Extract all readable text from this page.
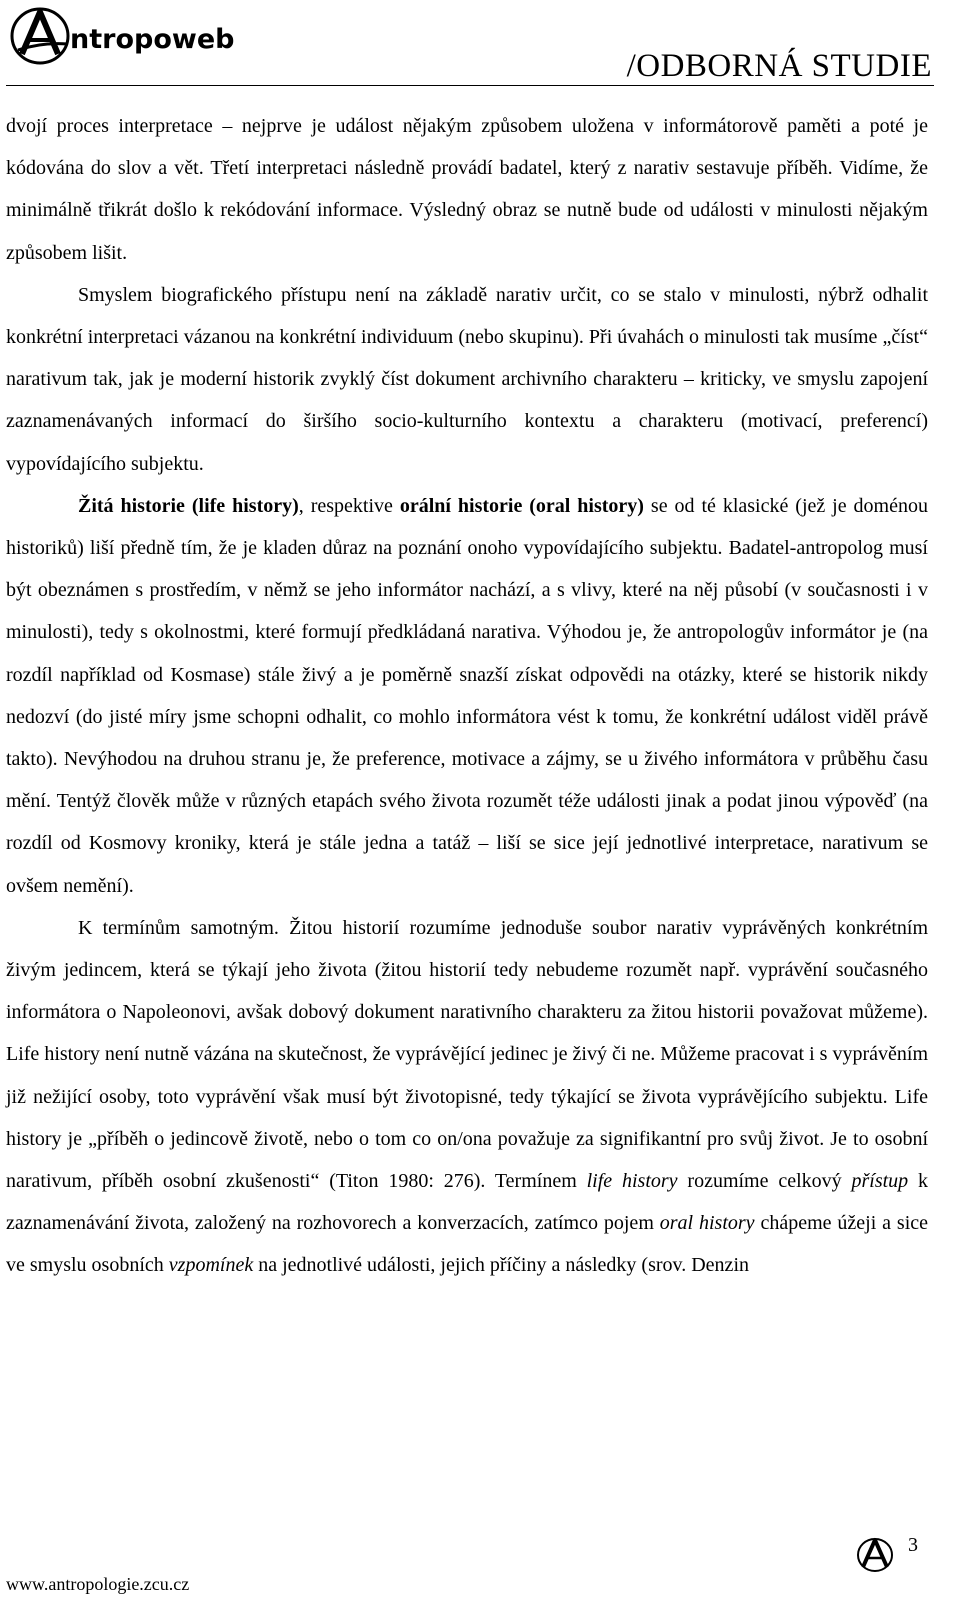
ntropoweb
/ODBORNÁ STUDIE

dvojí proces interpretace – nejprve je událost nějakým způsobem uložena v informátorově paměti a poté je kódována do slov a vět. Třetí interpretaci následně provádí badatel, který z narativ sestavuje příběh. Vidíme, že minimálně třikrát došlo k rekódování informace. Výsledný obraz se nutně bude od události v minulosti nějakým způsobem lišit.

Smyslem biografického přístupu není na základě narativ určit, co se stalo v minulosti, nýbrž odhalit konkrétní interpretaci vázanou na konkrétní individuum (nebo skupinu). Při úvahách o minulosti tak musíme „číst“ narativum tak, jak je moderní historik zvyklý číst dokument archivního charakteru – kriticky, ve smyslu zapojení zaznamenávaných informací do širšího socio-kulturního kontextu a charakteru (motivací, preferencí) vypovídajícího subjektu.

Žitá historie (life history), respektive orální historie (oral history) se od té klasické (jež je doménou historiků) liší předně tím, že je kladen důraz na poznání onoho vypovídajícího subjektu. Badatel-antropolog musí být obeznámen s prostředím, v němž se jeho informátor nachází, a s vlivy, které na něj působí (v současnosti i v minulosti), tedy s okolnostmi, které formují předkládaná narativa. Výhodou je, že antropologův informátor je (na rozdíl například od Kosmase) stále živý a je poměrně snazší získat odpovědi na otázky, které se historik nikdy nedozví (do jisté míry jsme schopni odhalit, co mohlo informátora vést k tomu, že konkrétní událost viděl právě takto). Nevýhodou na druhou stranu je, že preference, motivace a zájmy, se u živého informátora v průběhu času mění. Tentýž člověk může v různých etapách svého života rozumět téže události jinak a podat jinou výpověď (na rozdíl od Kosmovy kroniky, která je stále jedna a tatáž – liší se sice její jednotlivé interpretace, narativum se ovšem nemění).

K termínům samotným. Žitou historií rozumíme jednoduše soubor narativ vyprávěných konkrétním živým jedincem, která se týkají jeho života (žitou historií tedy nebudeme rozumět např. vyprávění současného informátora o Napoleonovi, avšak dobový dokument narativního charakteru za žitou historii považovat můžeme). Life history není nutně vázána na skutečnost, že vyprávějící jedinec je živý či ne. Můžeme pracovat i s vyprávěním již nežijící osoby, toto vyprávění však musí být životopisné, tedy týkající se života vyprávějícího subjektu. Life history je „příběh o jedincově životě, nebo o tom co on/ona považuje za signifikantní pro svůj život. Je to osobní narativum, příběh osobní zkušenosti“ (Titon 1980: 276). Termínem life history rozumíme celkový přístup k zaznamenávání života, založený na rozhovorech a konverzacích, zatímco pojem oral history chápeme úžeji a sice ve smyslu osobních vzpomínek na jednotlivé události, jejich příčiny a následky (srov. Denzin

www.antropologie.zcu.cz
3
